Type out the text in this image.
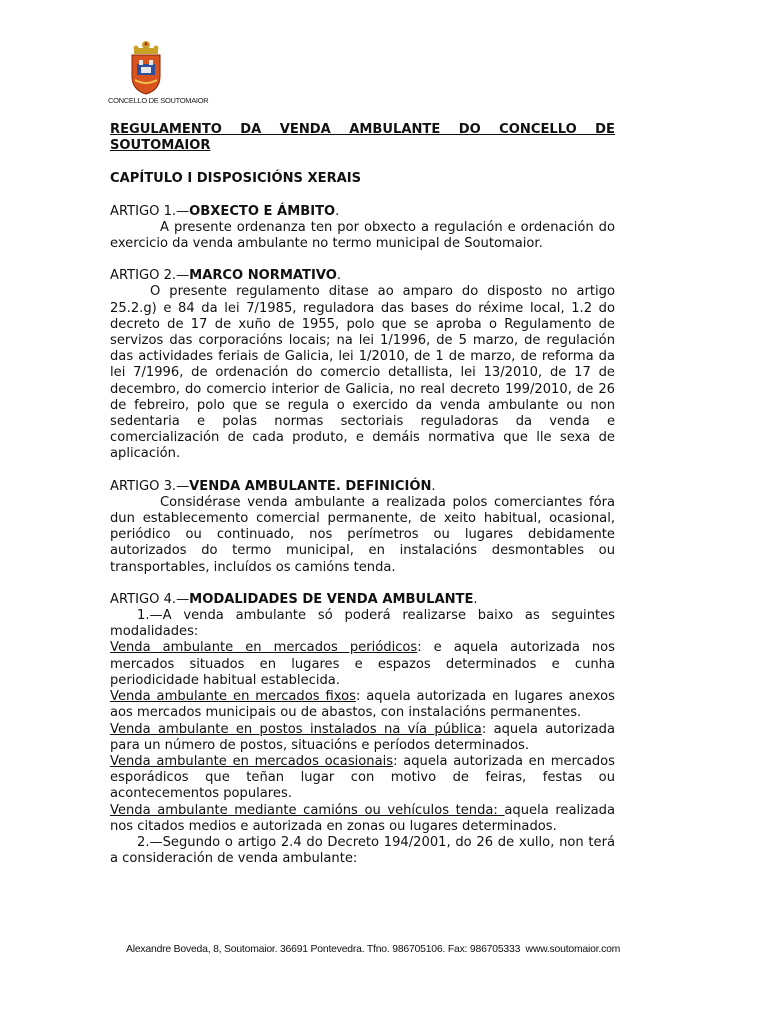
CONCELLO DE SOUTOMAIOR

REGULAMENTO DA VENDA AMBULANTE DO CONCELLO DE SOUTOMAIOR

CAPÍTULO I DISPOSICIÓNS XERAIS

ARTIGO 1.—OBXECTO E ÁMBITO.

A presente ordenanza ten por obxecto a regulación e ordenación do exercicio da venda ambulante no termo municipal de Soutomaior.

ARTIGO 2.—MARCO NORMATIVO.

O presente regulamento ditase ao amparo do disposto no artigo 25.2.g) e 84 da lei 7/1985, reguladora das bases do réxime local, 1.2 do decreto de 17 de xuño de 1955, polo que se aproba o Regulamento de servizos das corporacións locais; na lei 1/1996, de 5 marzo, de regulación das actividades feriais de Galicia, lei 1/2010, de 1 de marzo, de reforma da lei 7/1996, de ordenación do comercio detallista, lei 13/2010, de 17 de decembro, do comercio interior de Galicia, no real decreto 199/2010, de 26 de febreiro, polo que se regula o exercido da venda ambulante ou non sedentaria e polas normas sectoriais reguladoras da venda e comercialización de cada produto, e demáis normativa que lle sexa de aplicación.

ARTIGO 3.—VENDA AMBULANTE. DEFINICIÓN.

Considérase venda ambulante a realizada polos comerciantes fóra dun establecemento comercial permanente, de xeito habitual, ocasional, periódico ou continuado, nos perímetros ou lugares debidamente autorizados do termo municipal, en instalacións desmontables ou transportables, incluídos os camións tenda.

ARTIGO 4.—MODALIDADES DE VENDA AMBULANTE.

1.—A venda ambulante só poderá realizarse baixo as seguintes modalidades:

Venda ambulante en mercados periódicos: e aquela autorizada nos mercados situados en lugares e espazos determinados e cunha periodicidade habitual establecida.

Venda ambulante en mercados fixos: aquela autorizada en lugares anexos aos mercados municipais ou de abastos, con instalacións permanentes.

Venda ambulante en postos instalados na vía pública: aquela autorizada para un número de postos, situacións e períodos determinados.

Venda ambulante en mercados ocasionais: aquela autorizada en mercados esporádicos que teñan lugar con motivo de feiras, festas ou acontecementos populares.

Venda ambulante mediante camións ou vehículos tenda: aquela realizada nos citados medios e autorizada en zonas ou lugares determinados.

2.—Segundo o artigo 2.4 do Decreto 194/2001, do 26 de xullo, non terá a consideración de venda ambulante:

Alexandre Boveda, 8, Soutomaior. 36691 Pontevedra. Tfno. 986705106. Fax: 986705333 www.soutomaior.com
